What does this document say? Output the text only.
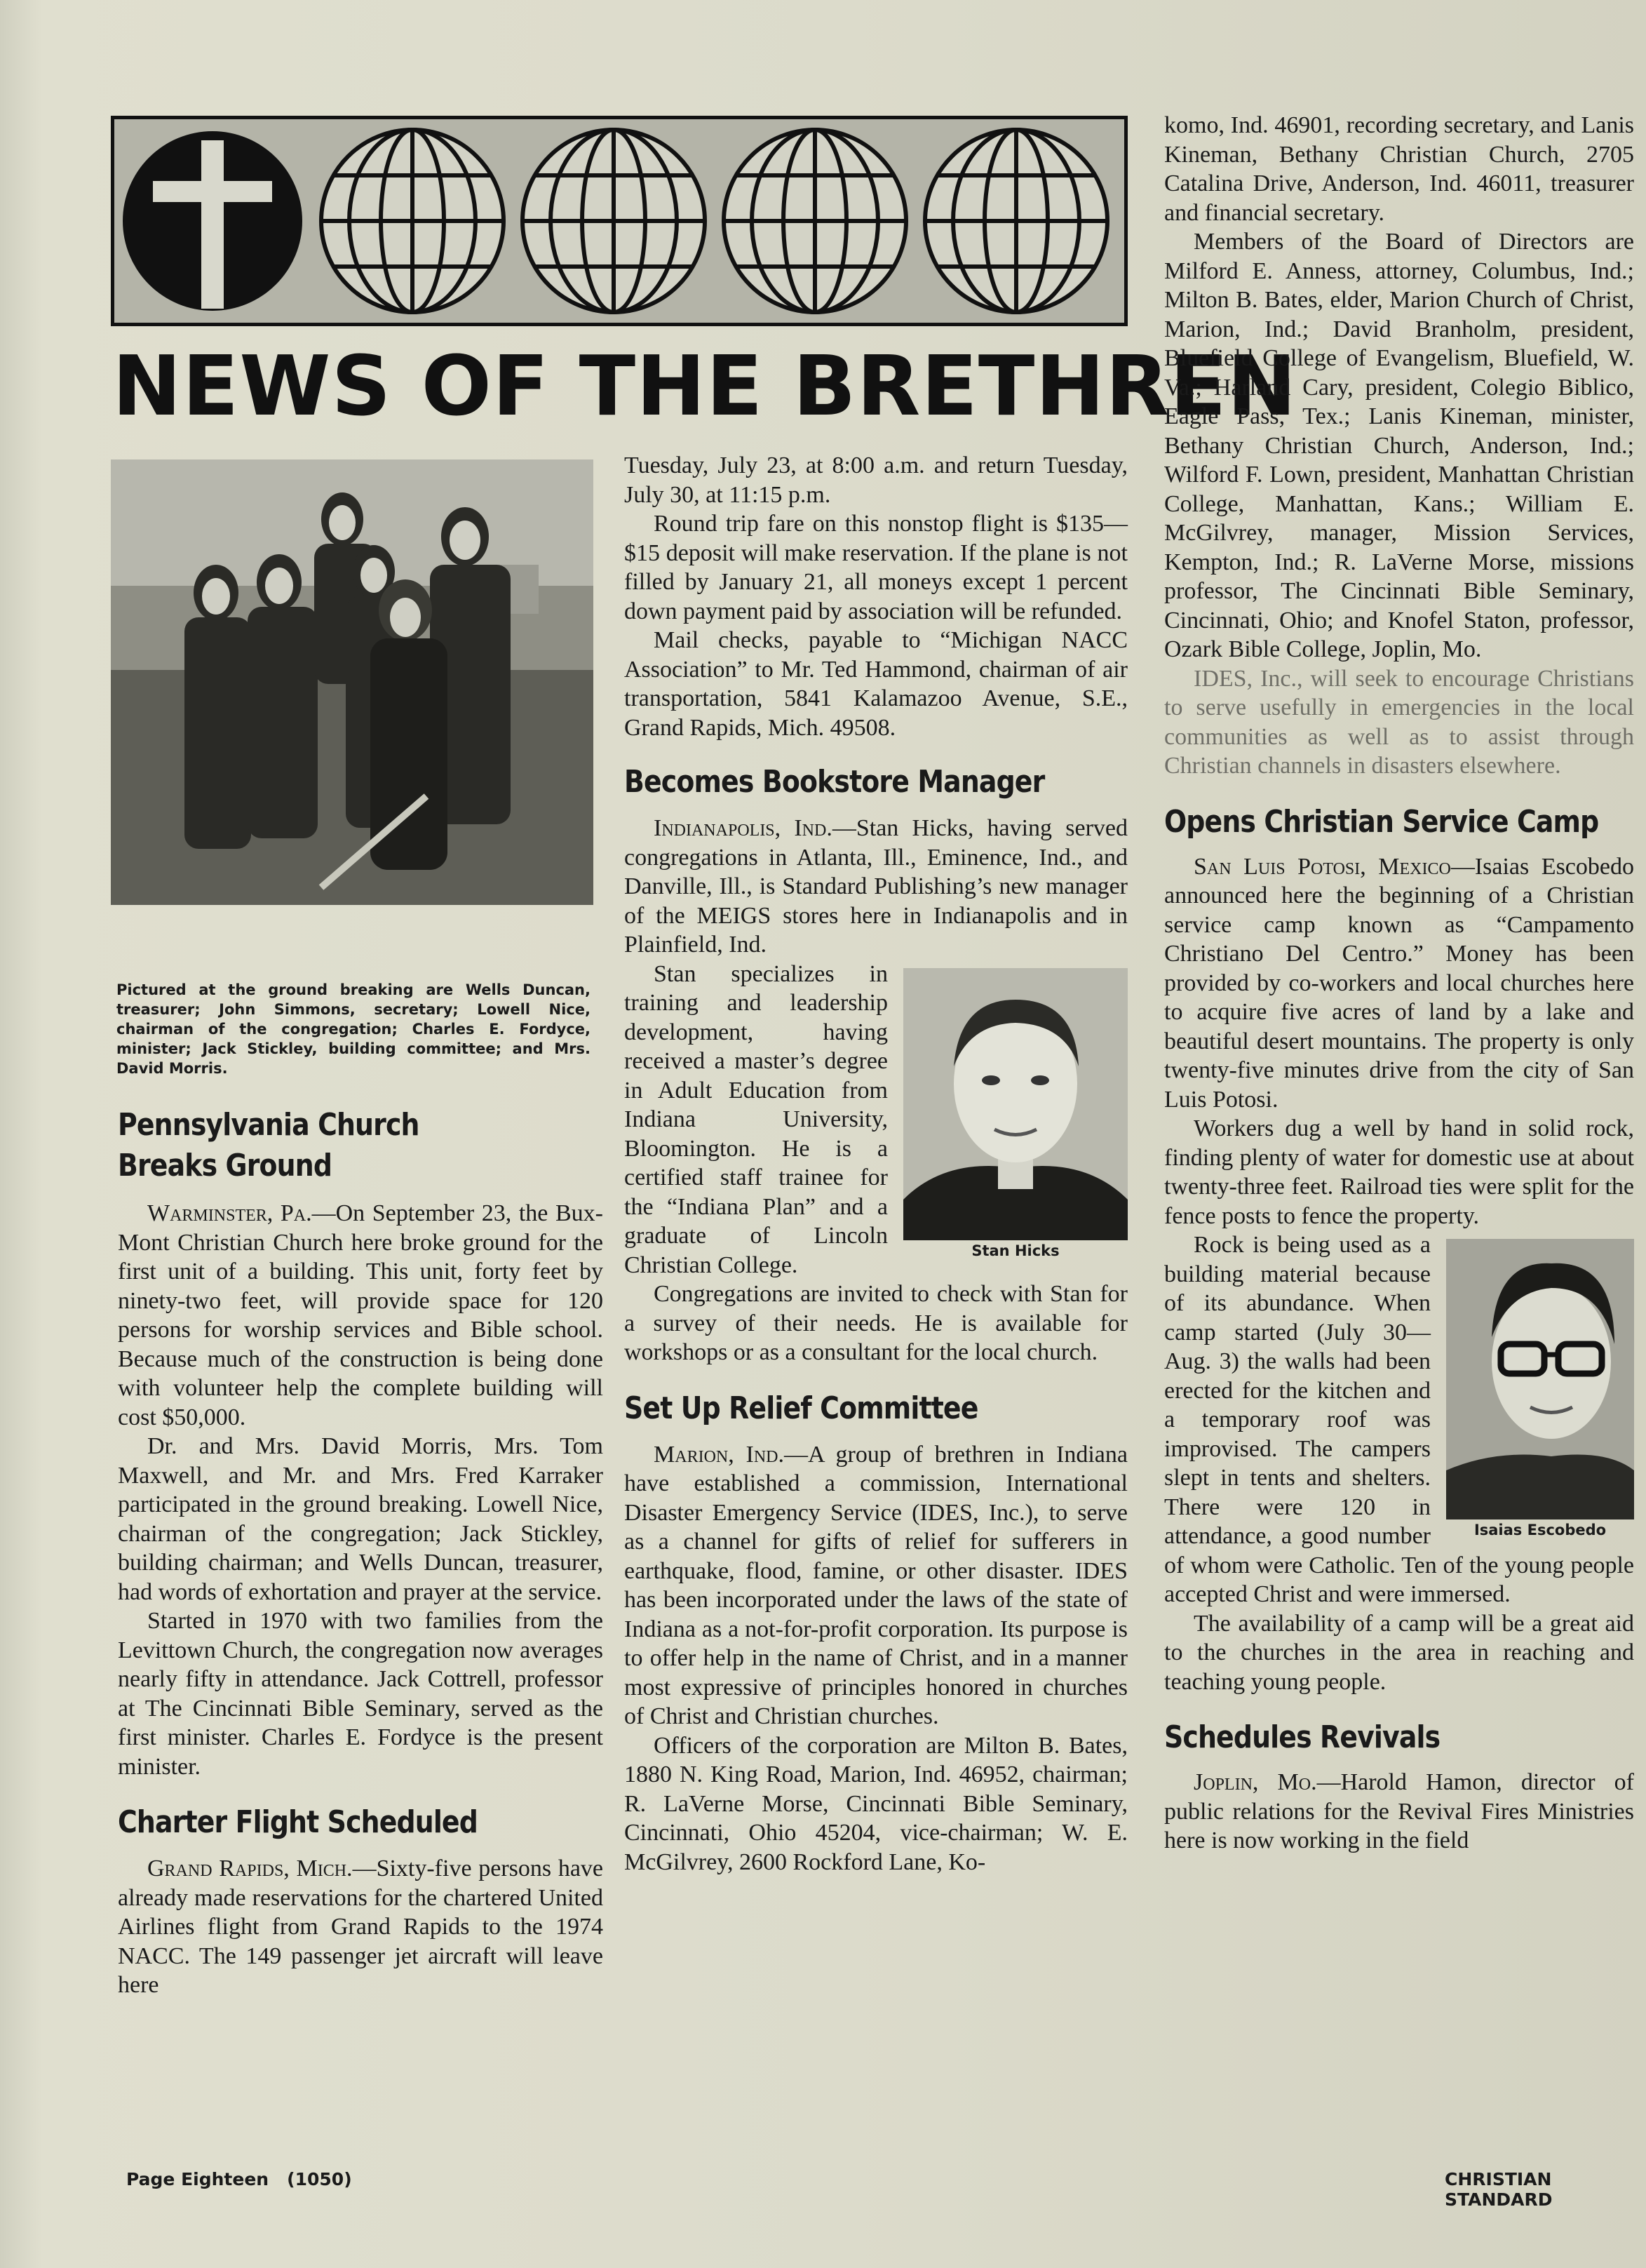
NEWS OF THE BRETHREN
Pictured at the ground breaking are Wells Duncan, treasurer; John Simmons, secretary; Lowell Nice, chairman of the congregation; Charles E. Fordyce, minister; Jack Stickley, building committee; and Mrs. David Morris.
Pennsylvania Church
Breaks Ground

Warminster, Pa.—On September 23, the Bux-Mont Christian Church here broke ground for the first unit of a building. This unit, forty feet by ninety-two feet, will provide space for 120 persons for worship services and Bible school. Because much of the construction is being done with volunteer help the complete building will cost $50,000.

Dr. and Mrs. David Morris, Mrs. Tom Maxwell, and Mr. and Mrs. Fred Karraker participated in the ground breaking. Lowell Nice, chairman of the congregation; Jack Stickley, building chairman; and Wells Duncan, treasurer, had words of exhortation and prayer at the service.

Started in 1970 with two families from the Levittown Church, the congregation now averages nearly fifty in attendance. Jack Cottrell, professor at The Cincinnati Bible Seminary, served as the first minister. Charles E. Fordyce is the present minister.

Charter Flight Scheduled

Grand Rapids, Mich.—Sixty-five persons have already made reservations for the chartered United Airlines flight from Grand Rapids to the 1974 NACC. The 149 passenger jet aircraft will leave here

Tuesday, July 23, at 8:00 a.m. and return Tuesday, July 30, at 11:15 p.m.

Round trip fare on this nonstop flight is $135—$15 deposit will make reservation. If the plane is not filled by January 21, all moneys except 1 percent down payment paid by association will be refunded.

Mail checks, payable to “Michigan NACC Association” to Mr. Ted Hammond, chairman of air transportation, 5841 Kalamazoo Avenue, S.E., Grand Rapids, Mich. 49508.

Becomes Bookstore Manager

Indianapolis, Ind.—Stan Hicks, having served congregations in Atlanta, Ill., Eminence, Ind., and Danville, Ill., is Standard Publishing’s new manager of the MEIGS stores here in Indianapolis and in Plainfield, Ind.

Stan Hicks

Stan specializes in training and leadership development, having received a master’s degree in Adult Education from Indiana University, Bloomington. He is a certified staff trainee for the “Indiana Plan” and a graduate of Lincoln Christian College.

Congregations are invited to check with Stan for a survey of their needs. He is available for workshops or as a consultant for the local church.

Set Up Relief Committee

Marion, Ind.—A group of brethren in Indiana have established a commission, International Disaster Emergency Service (IDES, Inc.), to serve as a channel for gifts of relief for sufferers in earthquake, flood, famine, or other disaster. IDES has been incorporated under the laws of the state of Indiana as a not-for-profit corporation. Its purpose is to offer help in the name of Christ, and in a manner most expressive of principles honored in churches of Christ and Christian churches.

Officers of the corporation are Milton B. Bates, 1880 N. King Road, Marion, Ind. 46952, chairman; R. LaVerne Morse, Cincinnati Bible Seminary, Cincinnati, Ohio 45204, vice-chairman; W. E. McGilvrey, 2600 Rockford Lane, Ko-

komo, Ind. 46901, recording secretary, and Lanis Kineman, Bethany Christian Church, 2705 Catalina Drive, Anderson, Ind. 46011, treasurer and financial secretary.

Members of the Board of Directors are Milford E. Anness, attorney, Columbus, Ind.; Milton B. Bates, elder, Marion Church of Christ, Marion, Ind.; David Branholm, president, Bluefield College of Evangelism, Bluefield, W. Va.; Harland Cary, president, Colegio Biblico, Eagle Pass, Tex.; Lanis Kineman, minister, Bethany Christian Church, Anderson, Ind.; Wilford F. Lown, president, Manhattan Christian College, Manhattan, Kans.; William E. McGilvrey, manager, Mission Services, Kempton, Ind.; R. LaVerne Morse, missions professor, The Cincinnati Bible Seminary, Cincinnati, Ohio; and Knofel Staton, professor, Ozark Bible College, Joplin, Mo.

IDES, Inc., will seek to encourage Christians to serve usefully in emergencies in the local communities as well as to assist through Christian channels in disasters elsewhere.

Opens Christian Service Camp

San Luis Potosi, Mexico—Isaias Escobedo announced here the beginning of a Christian service camp known as “Campamento Christiano Del Centro.” Money has been provided by co-workers and local churches here to acquire five acres of land by a lake and beautiful desert mountains. The property is only twenty-five minutes drive from the city of San Luis Potosi.

Workers dug a well by hand in solid rock, finding plenty of water for domestic use at about twenty-three feet. Railroad ties were split for the fence posts to fence the property.

Isaias Escobedo

Rock is being used as a building material because of its abundance. When camp started (July 30—Aug. 3) the walls had been erected for the kitchen and a temporary roof was improvised. The campers slept in tents and shelters. There were 120 in attendance, a good number of whom were Catholic. Ten of the young people accepted Christ and were immersed.

The availability of a camp will be a great aid to the churches in the area in reaching and teaching young people.

Schedules Revivals

Joplin, Mo.—Harold Hamon, director of public relations for the Revival Fires Ministries here is now working in the field

Page Eighteen   (1050)	CHRISTIAN STANDARD
